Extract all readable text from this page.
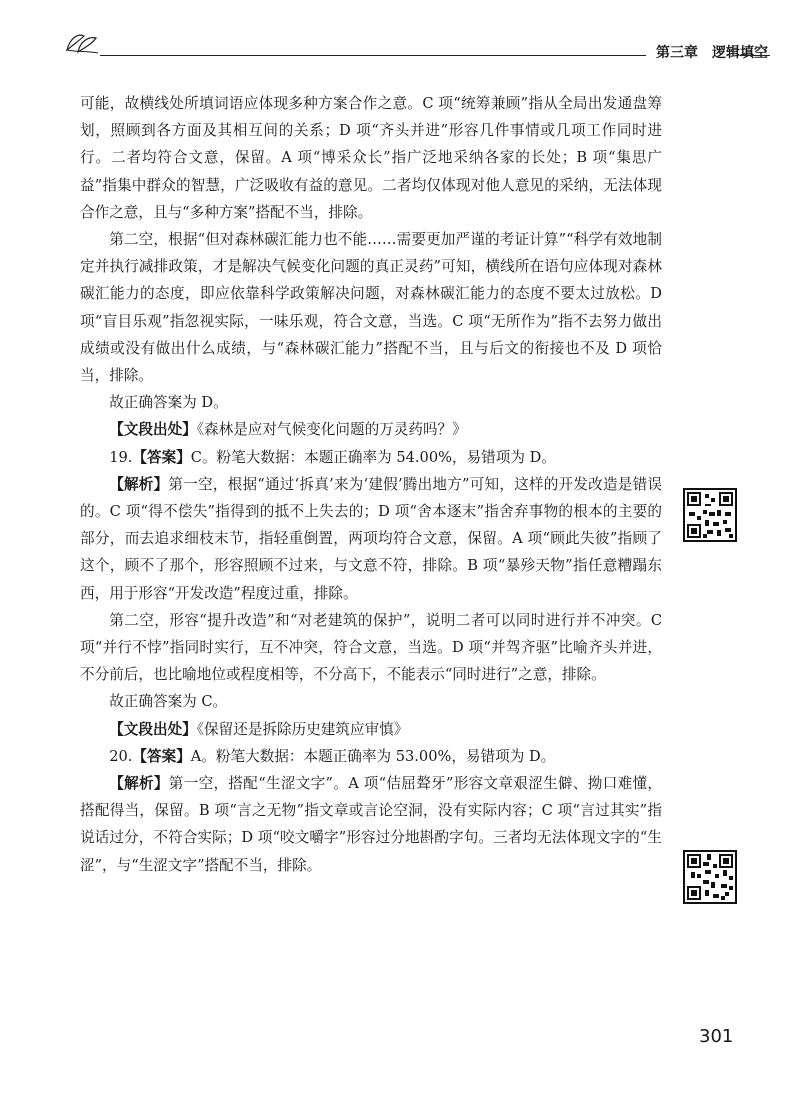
第三章　逻辑填空

可能，故横线处所填词语应体现多种方案合作之意。C 项“统筹兼顾”指从全局出发通盘筹划，照顾到各方面及其相互间的关系；D 项“齐头并进”形容几件事情或几项工作同时进行。二者均符合文意，保留。A 项“博采众长”指广泛地采纳各家的长处；B 项“集思广益”指集中群众的智慧，广泛吸收有益的意见。二者均仅体现对他人意见的采纳，无法体现合作之意，且与“多种方案”搭配不当，排除。

第二空，根据“但对森林碳汇能力也不能……需要更加严谨的考证计算”“科学有效地制定并执行减排政策，才是解决气候变化问题的真正灵药”可知，横线所在语句应体现对森林碳汇能力的态度，即应依靠科学政策解决问题，对森林碳汇能力的态度不要太过放松。D 项“盲目乐观”指忽视实际，一味乐观，符合文意，当选。C 项“无所作为”指不去努力做出成绩或没有做出什么成绩，与“森林碳汇能力”搭配不当，且与后文的衔接也不及 D 项恰当，排除。

故正确答案为 D。

【文段出处】《森林是应对气候变化问题的万灵药吗？》

19.【答案】C。粉笔大数据：本题正确率为 54.00%，易错项为 D。

【解析】第一空，根据“通过‘拆真’来为‘建假’腾出地方”可知，这样的开发改造是错误的。C 项“得不偿失”指得到的抵不上失去的；D 项“舍本逐末”指舍弃事物的根本的主要的部分，而去追求细枝末节，指轻重倒置，两项均符合文意，保留。A 项“顾此失彼”指顾了这个，顾不了那个，形容照顾不过来，与文意不符，排除。B 项“暴殄天物”指任意糟蹋东西，用于形容“开发改造”程度过重，排除。

第二空，形容“提升改造”和“对老建筑的保护”，说明二者可以同时进行并不冲突。C 项“并行不悖”指同时实行，互不冲突，符合文意，当选。D 项“并驾齐驱”比喻齐头并进，不分前后，也比喻地位或程度相等，不分高下，不能表示“同时进行”之意，排除。

故正确答案为 C。

【文段出处】《保留还是拆除历史建筑应审慎》

20.【答案】A。粉笔大数据：本题正确率为 53.00%，易错项为 D。

【解析】第一空，搭配“生涩文字”。A 项“佶屈聱牙”形容文章艰涩生僻、拗口难懂，搭配得当，保留。B 项“言之无物”指文章或言论空洞，没有实际内容；C 项“言过其实”指说话过分，不符合实际；D 项“咬文嚼字”形容过分地斟酌字句。三者均无法体现文字的“生涩”，与“生涩文字”搭配不当，排除。

301
